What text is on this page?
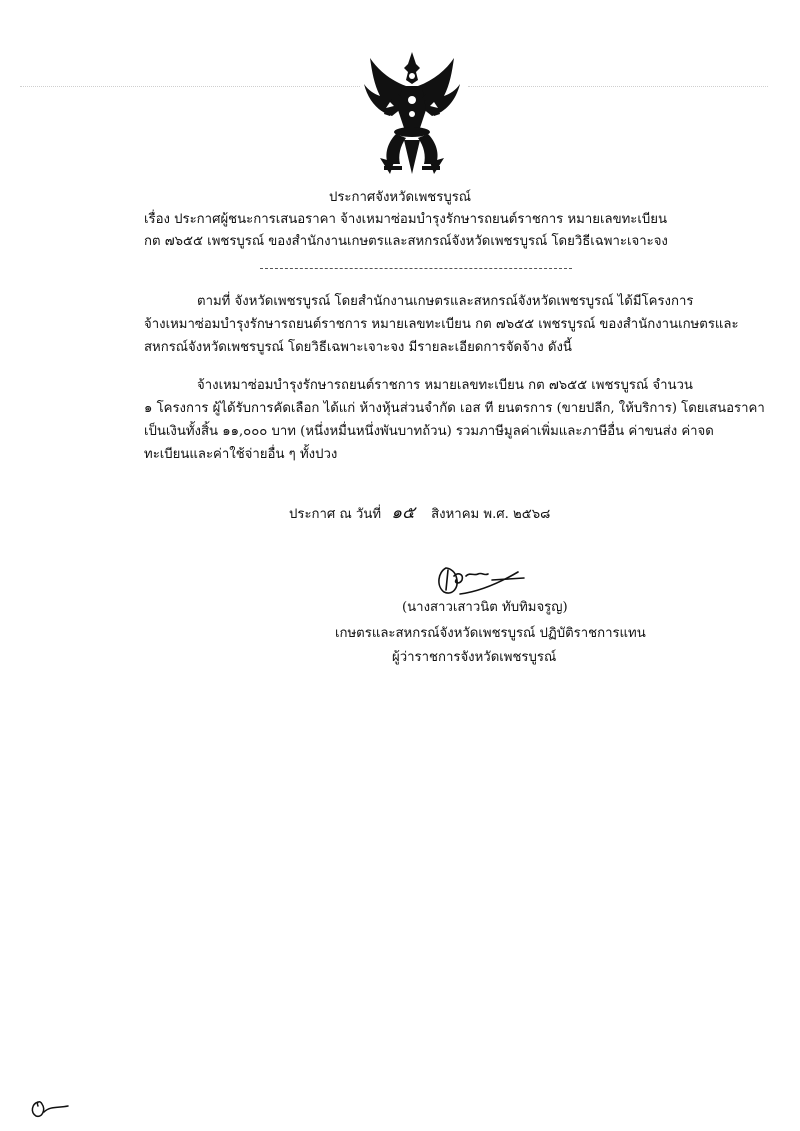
ประกาศจังหวัดเพชรบูรณ์
เรื่อง ประกาศผู้ชนะการเสนอราคา จ้างเหมาซ่อมบำรุงรักษารถยนต์ราชการ หมายเลขทะเบียน
กต ๗๖๕๕ เพชรบูรณ์ ของสำนักงานเกษตรและสหกรณ์จังหวัดเพชรบูรณ์ โดยวิธีเฉพาะเจาะจง
ตามที่ จังหวัดเพชรบูรณ์ โดยสำนักงานเกษตรและสหกรณ์จังหวัดเพชรบูรณ์ ได้มีโครงการ
จ้างเหมาซ่อมบำรุงรักษารถยนต์ราชการ หมายเลขทะเบียน กต ๗๖๕๕ เพชรบูรณ์ ของสำนักงานเกษตรและ
สหกรณ์จังหวัดเพชรบูรณ์ โดยวิธีเฉพาะเจาะจง มีรายละเอียดการจัดจ้าง ดังนี้
จ้างเหมาซ่อมบำรุงรักษารถยนต์ราชการ หมายเลขทะเบียน กต ๗๖๕๕ เพชรบูรณ์ จำนวน
๑ โครงการ ผู้ได้รับการคัดเลือก ได้แก่ ห้างหุ้นส่วนจำกัด เอส ที ยนตรการ (ขายปลีก, ให้บริการ) โดยเสนอราคา
เป็นเงินทั้งสิ้น ๑๑,๐๐๐ บาท (หนึ่งหมื่นหนึ่งพันบาทถ้วน) รวมภาษีมูลค่าเพิ่มและภาษีอื่น ค่าขนส่ง ค่าจด
ทะเบียนและค่าใช้จ่ายอื่น ๆ ทั้งปวง
ประกาศ ณ วันที่ ๑๕ สิงหาคม พ.ศ. ๒๕๖๘
(นางสาวเสาวนิต ทับทิมจรูญ)
เกษตรและสหกรณ์จังหวัดเพชรบูรณ์ ปฏิบัติราชการแทน
ผู้ว่าราชการจังหวัดเพชรบูรณ์
